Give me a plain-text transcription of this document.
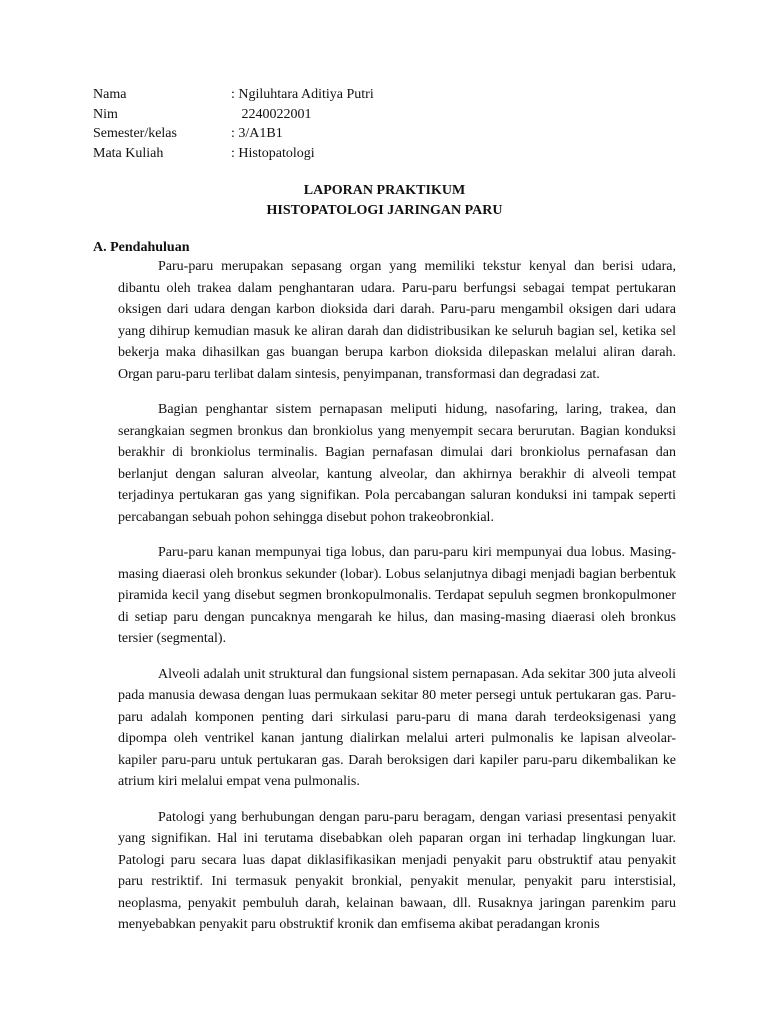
Nama	: Ngiluhtara Aditiya Putri
Nim	2240022001
Semester/kelas	: 3/A1B1
Mata Kuliah	: Histopatologi
LAPORAN PRAKTIKUM
HISTOPATOLOGI JARINGAN PARU
A. Pendahuluan

Paru-paru merupakan sepasang organ yang memiliki tekstur kenyal dan berisi udara, dibantu oleh trakea dalam penghantaran udara. Paru-paru berfungsi sebagai tempat pertukaran oksigen dari udara dengan karbon dioksida dari darah. Paru-paru mengambil oksigen dari udara yang dihirup kemudian masuk ke aliran darah dan didistribusikan ke seluruh bagian sel, ketika sel bekerja maka dihasilkan gas buangan berupa karbon dioksida dilepaskan melalui aliran darah. Organ paru-paru terlibat dalam sintesis, penyimpanan, transformasi dan degradasi zat.

Bagian penghantar sistem pernapasan meliputi hidung, nasofaring, laring, trakea, dan serangkaian segmen bronkus dan bronkiolus yang menyempit secara berurutan. Bagian konduksi berakhir di bronkiolus terminalis. Bagian pernafasan dimulai dari bronkiolus pernafasan dan berlanjut dengan saluran alveolar, kantung alveolar, dan akhirnya berakhir di alveoli tempat terjadinya pertukaran gas yang signifikan. Pola percabangan saluran konduksi ini tampak seperti percabangan sebuah pohon sehingga disebut pohon trakeobronkial.

Paru-paru kanan mempunyai tiga lobus, dan paru-paru kiri mempunyai dua lobus. Masing-masing diaerasi oleh bronkus sekunder (lobar). Lobus selanjutnya dibagi menjadi bagian berbentuk piramida kecil yang disebut segmen bronkopulmonalis. Terdapat sepuluh segmen bronkopulmoner di setiap paru dengan puncaknya mengarah ke hilus, dan masing-masing diaerasi oleh bronkus tersier (segmental).

Alveoli adalah unit struktural dan fungsional sistem pernapasan. Ada sekitar 300 juta alveoli pada manusia dewasa dengan luas permukaan sekitar 80 meter persegi untuk pertukaran gas. Paru-paru adalah komponen penting dari sirkulasi paru-paru di mana darah terdeoksigenasi yang dipompa oleh ventrikel kanan jantung dialirkan melalui arteri pulmonalis ke lapisan alveolar-kapiler paru-paru untuk pertukaran gas. Darah beroksigen dari kapiler paru-paru dikembalikan ke atrium kiri melalui empat vena pulmonalis.

Patologi yang berhubungan dengan paru-paru beragam, dengan variasi presentasi penyakit yang signifikan. Hal ini terutama disebabkan oleh paparan organ ini terhadap lingkungan luar. Patologi paru secara luas dapat diklasifikasikan menjadi penyakit paru obstruktif atau penyakit paru restriktif. Ini termasuk penyakit bronkial, penyakit menular, penyakit paru interstisial, neoplasma, penyakit pembuluh darah, kelainan bawaan, dll. Rusaknya jaringan parenkim paru menyebabkan penyakit paru obstruktif kronik dan emfisema akibat peradangan kronis
